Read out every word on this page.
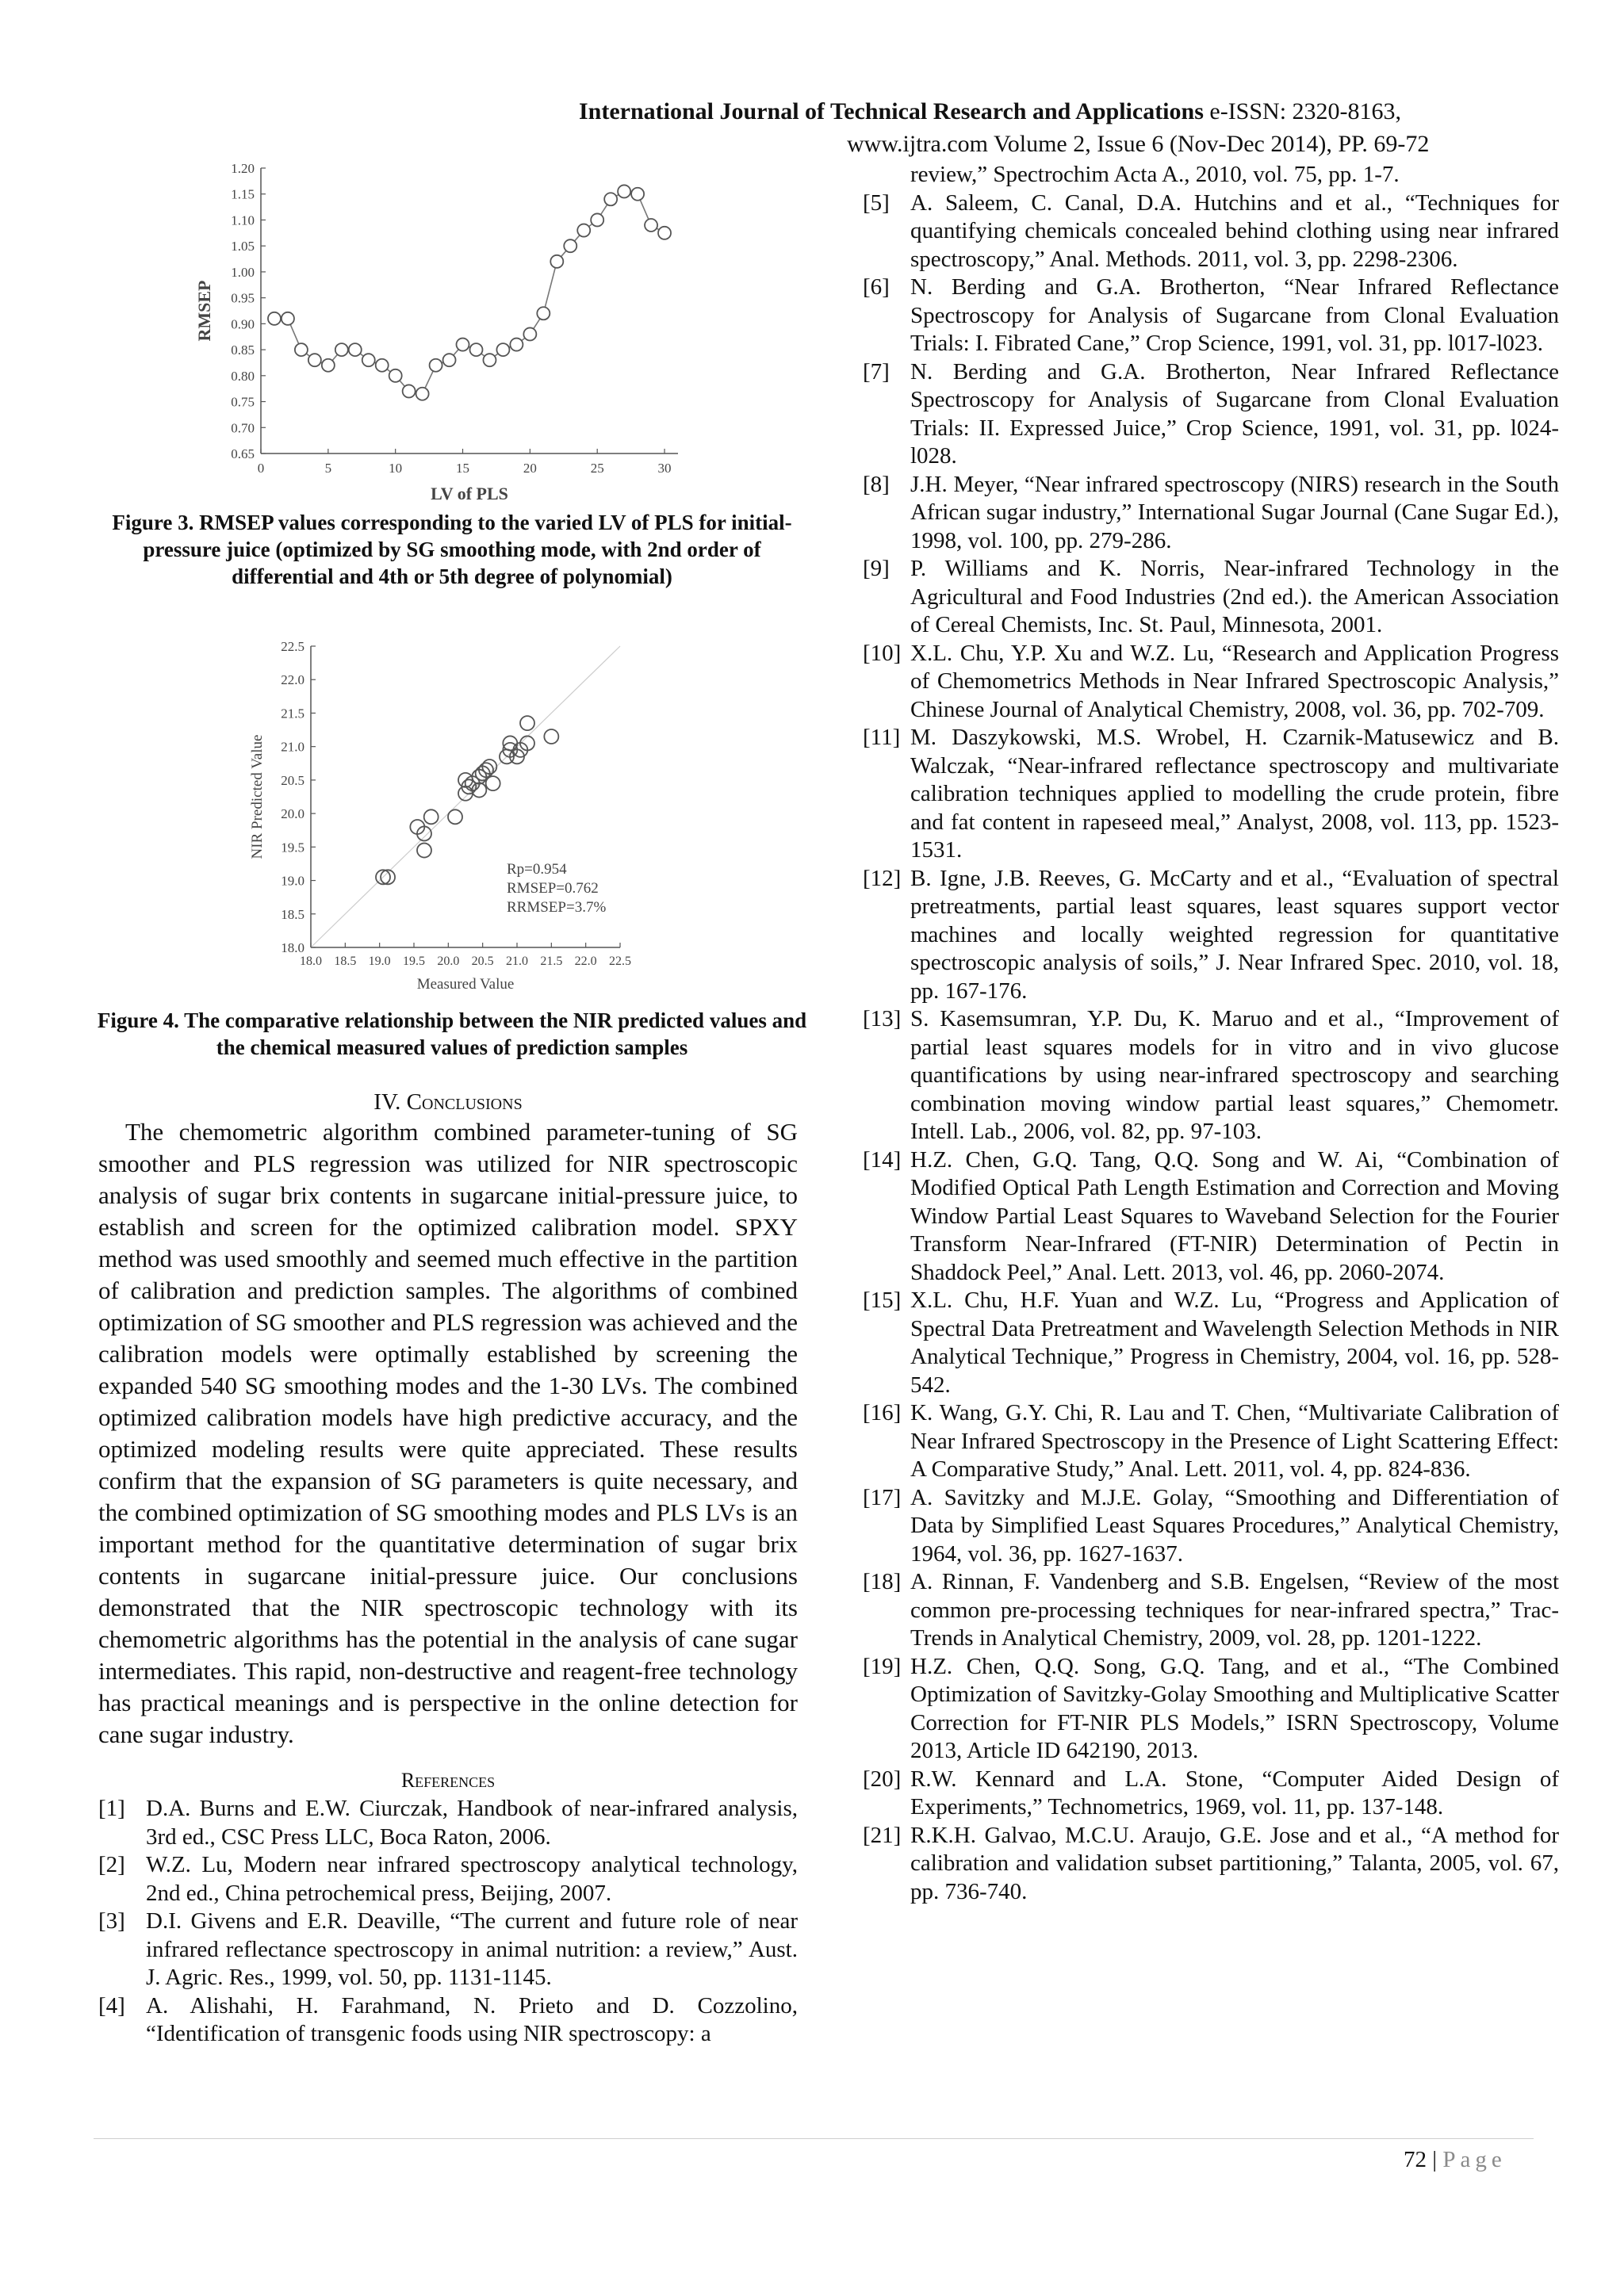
International Journal of Technical Research and Applications e-ISSN: 2320-8163,
www.ijtra.com Volume 2, Issue 6 (Nov-Dec 2014), PP. 69-72
0.65
0.70
0.75
0.80
0.85
0.90
0.95
1.00
1.05
1.10
1.15
1.20
0	5	10	15	20	25	30
LV of PLS
RMSEP
Figure 3. RMSEP values corresponding to the varied LV of PLS for initial-pressure juice (optimized by SG smoothing mode, with 2nd order of differential and 4th or 5th degree of polynomial)
18.0
18.5
19.0
19.5
20.0
20.5
21.0
21.5
22.0
22.5
18.0 18.5 19.0 19.5 20.0 20.5 21.0 21.5 22.0 22.5
Measured Value
NIR Predicted Value
Rp=0.954
RMSEP=0.762
RRMSEP=3.7%
Figure 4. The comparative relationship between the NIR predicted values and the chemical measured values of prediction samples
IV. Conclusions
The chemometric algorithm combined parameter-tuning of SG smoother and PLS regression was utilized for NIR spectroscopic analysis of sugar brix contents in sugarcane initial-pressure juice, to establish and screen for the optimized calibration model. SPXY method was used smoothly and seemed much effective in the partition of calibration and prediction samples. The algorithms of combined optimization of SG smoother and PLS regression was achieved and the calibration models were optimally established by screening the expanded 540 SG smoothing modes and the 1-30 LVs. The combined optimized calibration models have high predictive accuracy, and the optimized modeling results were quite appreciated. These results confirm that the expansion of SG parameters is quite necessary, and the combined optimization of SG smoothing modes and PLS LVs is an important method for the quantitative determination of sugar brix contents in sugarcane initial-pressure juice. Our conclusions demonstrated that the NIR spectroscopic technology with its chemometric algorithms has the potential in the analysis of cane sugar intermediates. This rapid, non-destructive and reagent-free technology has practical meanings and is perspective in the online detection for cane sugar industry.
References
[1] D.A. Burns and E.W. Ciurczak, Handbook of near-infrared analysis, 3rd ed., CSC Press LLC, Boca Raton, 2006.
[2] W.Z. Lu, Modern near infrared spectroscopy analytical technology, 2nd ed., China petrochemical press, Beijing, 2007.
[3] D.I. Givens and E.R. Deaville, “The current and future role of near infrared reflectance spectroscopy in animal nutrition: a review,” Aust. J. Agric. Res., 1999, vol. 50, pp. 1131-1145.
[4] A. Alishahi, H. Farahmand, N. Prieto and D. Cozzolino, “Identification of transgenic foods using NIR spectroscopy: a
review,” Spectrochim Acta A., 2010, vol. 75, pp. 1-7.
[5] A. Saleem, C. Canal, D.A. Hutchins and et al., “Techniques for quantifying chemicals concealed behind clothing using near infrared spectroscopy,” Anal. Methods. 2011, vol. 3, pp. 2298-2306.
[6] N. Berding and G.A. Brotherton, “Near Infrared Reflectance Spectroscopy for Analysis of Sugarcane from Clonal Evaluation Trials: I. Fibrated Cane,” Crop Science, 1991, vol. 31, pp. l017-l023.
[7] N. Berding and G.A. Brotherton, Near Infrared Reflectance Spectroscopy for Analysis of Sugarcane from Clonal Evaluation Trials: II. Expressed Juice,” Crop Science, 1991, vol. 31, pp. l024-l028.
[8] J.H. Meyer, “Near infrared spectroscopy (NIRS) research in the South African sugar industry,” International Sugar Journal (Cane Sugar Ed.), 1998, vol. 100, pp. 279-286.
[9] P. Williams and K. Norris, Near-infrared Technology in the Agricultural and Food Industries (2nd ed.). the American Association of Cereal Chemists, Inc. St. Paul, Minnesota, 2001.
[10] X.L. Chu, Y.P. Xu and W.Z. Lu, “Research and Application Progress of Chemometrics Methods in Near Infrared Spectroscopic Analysis,” Chinese Journal of Analytical Chemistry, 2008, vol. 36, pp. 702-709.
[11] M. Daszykowski, M.S. Wrobel, H. Czarnik-Matusewicz and B. Walczak, “Near-infrared reflectance spectroscopy and multivariate calibration techniques applied to modelling the crude protein, fibre and fat content in rapeseed meal,” Analyst, 2008, vol. 113, pp. 1523-1531.
[12] B. Igne, J.B. Reeves, G. McCarty and et al., “Evaluation of spectral pretreatments, partial least squares, least squares support vector machines and locally weighted regression for quantitative spectroscopic analysis of soils,” J. Near Infrared Spec. 2010, vol. 18, pp. 167-176.
[13] S. Kasemsumran, Y.P. Du, K. Maruo and et al., “Improvement of partial least squares models for in vitro and in vivo glucose quantifications by using near-infrared spectroscopy and searching combination moving window partial least squares,” Chemometr. Intell. Lab., 2006, vol. 82, pp. 97-103.
[14] H.Z. Chen, G.Q. Tang, Q.Q. Song and W. Ai, “Combination of Modified Optical Path Length Estimation and Correction and Moving Window Partial Least Squares to Waveband Selection for the Fourier Transform Near-Infrared (FT-NIR) Determination of Pectin in Shaddock Peel,” Anal. Lett. 2013, vol. 46, pp. 2060-2074.
[15] X.L. Chu, H.F. Yuan and W.Z. Lu, “Progress and Application of Spectral Data Pretreatment and Wavelength Selection Methods in NIR Analytical Technique,” Progress in Chemistry, 2004, vol. 16, pp. 528-542.
[16] K. Wang, G.Y. Chi, R. Lau and T. Chen, “Multivariate Calibration of Near Infrared Spectroscopy in the Presence of Light Scattering Effect: A Comparative Study,” Anal. Lett. 2011, vol. 4, pp. 824-836.
[17] A. Savitzky and M.J.E. Golay, “Smoothing and Differentiation of Data by Simplified Least Squares Procedures,” Analytical Chemistry, 1964, vol. 36, pp. 1627-1637.
[18] A. Rinnan, F. Vandenberg and S.B. Engelsen, “Review of the most common pre-processing techniques for near-infrared spectra,” Trac-Trends in Analytical Chemistry, 2009, vol. 28, pp. 1201-1222.
[19] H.Z. Chen, Q.Q. Song, G.Q. Tang, and et al., “The Combined Optimization of Savitzky-Golay Smoothing and Multiplicative Scatter Correction for FT-NIR PLS Models,” ISRN Spectroscopy, Volume 2013, Article ID 642190, 2013.
[20] R.W. Kennard and L.A. Stone, “Computer Aided Design of Experiments,” Technometrics, 1969, vol. 11, pp. 137-148.
[21] R.K.H. Galvao, M.C.U. Araujo, G.E. Jose and et al., “A method for calibration and validation subset partitioning,” Talanta, 2005, vol. 67, pp. 736-740.
72 | Page
